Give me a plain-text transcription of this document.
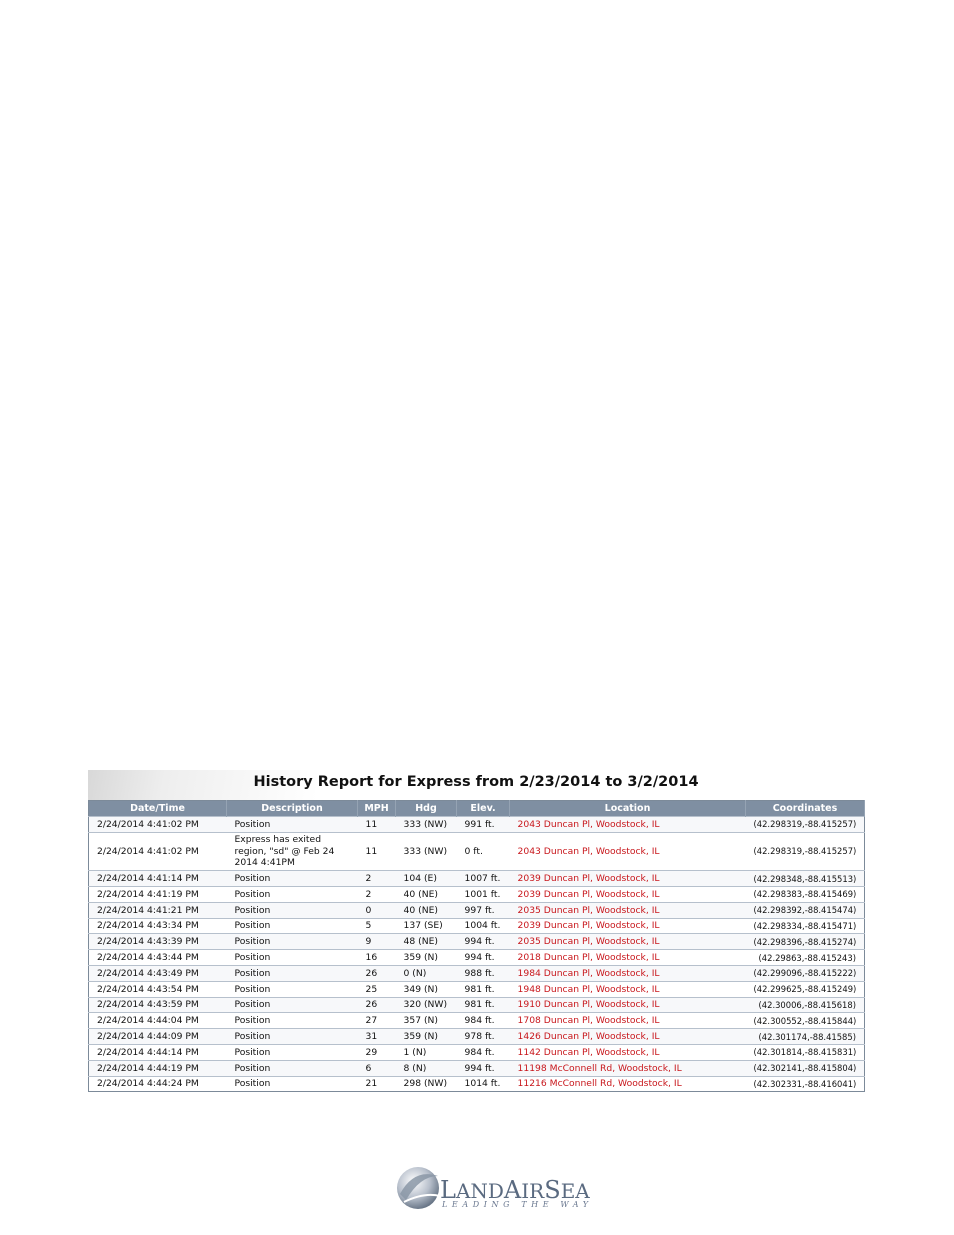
History Report for Express from 2/23/2014 to 3/2/2014
Date/Time	Description	MPH	Hdg	Elev.	Location	Coordinates
2/24/2014 4:41:02 PM	Position	11	333 (NW)	991 ft.	2043 Duncan Pl, Woodstock, IL	(42.298319,-88.415257)
2/24/2014 4:41:02 PM	Express has exited region, "sd" @ Feb 24 2014 4:41PM	11	333 (NW)	0 ft.	2043 Duncan Pl, Woodstock, IL	(42.298319,-88.415257)
2/24/2014 4:41:14 PM	Position	2	104 (E)	1007 ft.	2039 Duncan Pl, Woodstock, IL	(42.298348,-88.415513)
2/24/2014 4:41:19 PM	Position	2	40 (NE)	1001 ft.	2039 Duncan Pl, Woodstock, IL	(42.298383,-88.415469)
2/24/2014 4:41:21 PM	Position	0	40 (NE)	997 ft.	2035 Duncan Pl, Woodstock, IL	(42.298392,-88.415474)
2/24/2014 4:43:34 PM	Position	5	137 (SE)	1004 ft.	2039 Duncan Pl, Woodstock, IL	(42.298334,-88.415471)
2/24/2014 4:43:39 PM	Position	9	48 (NE)	994 ft.	2035 Duncan Pl, Woodstock, IL	(42.298396,-88.415274)
2/24/2014 4:43:44 PM	Position	16	359 (N)	994 ft.	2018 Duncan Pl, Woodstock, IL	(42.29863,-88.415243)
2/24/2014 4:43:49 PM	Position	26	0 (N)	988 ft.	1984 Duncan Pl, Woodstock, IL	(42.299096,-88.415222)
2/24/2014 4:43:54 PM	Position	25	349 (N)	981 ft.	1948 Duncan Pl, Woodstock, IL	(42.299625,-88.415249)
2/24/2014 4:43:59 PM	Position	26	320 (NW)	981 ft.	1910 Duncan Pl, Woodstock, IL	(42.30006,-88.415618)
2/24/2014 4:44:04 PM	Position	27	357 (N)	984 ft.	1708 Duncan Pl, Woodstock, IL	(42.300552,-88.415844)
2/24/2014 4:44:09 PM	Position	31	359 (N)	978 ft.	1426 Duncan Pl, Woodstock, IL	(42.301174,-88.41585)
2/24/2014 4:44:14 PM	Position	29	1 (N)	984 ft.	1142 Duncan Pl, Woodstock, IL	(42.301814,-88.415831)
2/24/2014 4:44:19 PM	Position	6	8 (N)	994 ft.	11198 McConnell Rd, Woodstock, IL	(42.302141,-88.415804)
2/24/2014 4:44:24 PM	Position	21	298 (NW)	1014 ft.	11216 McConnell Rd, Woodstock, IL	(42.302331,-88.416041)
LANDAIRSEA
LEADING THE WAY
